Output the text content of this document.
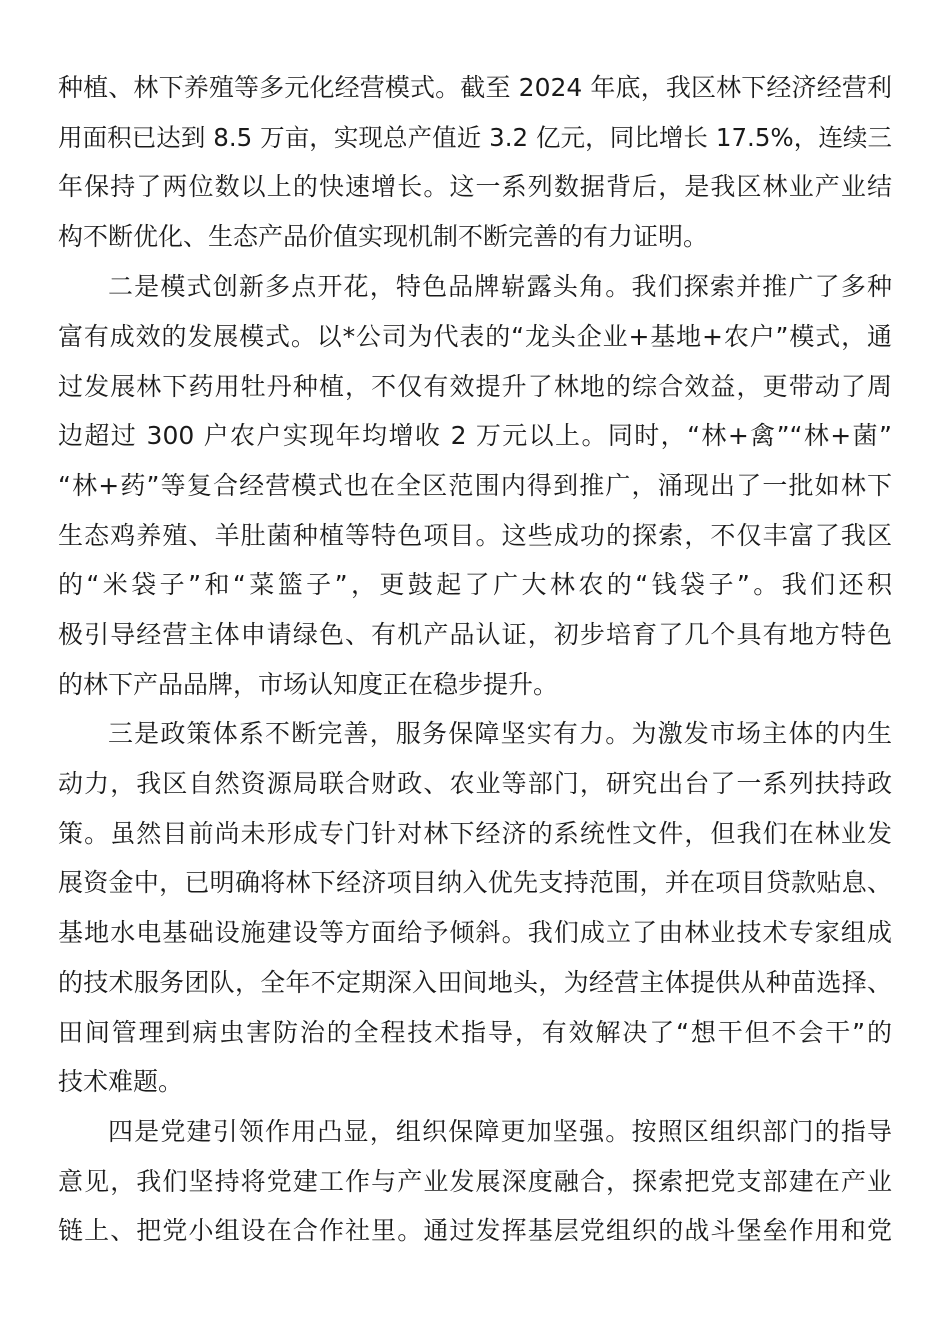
种植、林下养殖等多元化经营模式。截至 2024 年底，我区林下经济经营利
用面积已达到 8.5 万亩，实现总产值近 3.2 亿元，同比增长 17.5%，连续三
年保持了两位数以上的快速增长。这一系列数据背后，是我区林业产业结
构不断优化、生态产品价值实现机制不断完善的有力证明。
二是模式创新多点开花，特色品牌崭露头角。我们探索并推广了多种
富有成效的发展模式。以*公司为代表的“龙头企业+基地+农户”模式，通
过发展林下药用牡丹种植，不仅有效提升了林地的综合效益，更带动了周
边超过 300 户农户实现年均增收 2 万元以上。同时，“林+禽”“林+菌”
“林+药”等复合经营模式也在全区范围内得到推广，涌现出了一批如林下
生态鸡养殖、羊肚菌种植等特色项目。这些成功的探索，不仅丰富了我区
的“米袋子”和“菜篮子”，更鼓起了广大林农的“钱袋子”。我们还积
极引导经营主体申请绿色、有机产品认证，初步培育了几个具有地方特色
的林下产品品牌，市场认知度正在稳步提升。
三是政策体系不断完善，服务保障坚实有力。为激发市场主体的内生
动力，我区自然资源局联合财政、农业等部门，研究出台了一系列扶持政
策。虽然目前尚未形成专门针对林下经济的系统性文件，但我们在林业发
展资金中，已明确将林下经济项目纳入优先支持范围，并在项目贷款贴息、
基地水电基础设施建设等方面给予倾斜。我们成立了由林业技术专家组成
的技术服务团队，全年不定期深入田间地头，为经营主体提供从种苗选择、
田间管理到病虫害防治的全程技术指导，有效解决了“想干但不会干”的
技术难题。
四是党建引领作用凸显，组织保障更加坚强。按照区组织部门的指导
意见，我们坚持将党建工作与产业发展深度融合，探索把党支部建在产业
链上、把党小组设在合作社里。通过发挥基层党组织的战斗堡垒作用和党
